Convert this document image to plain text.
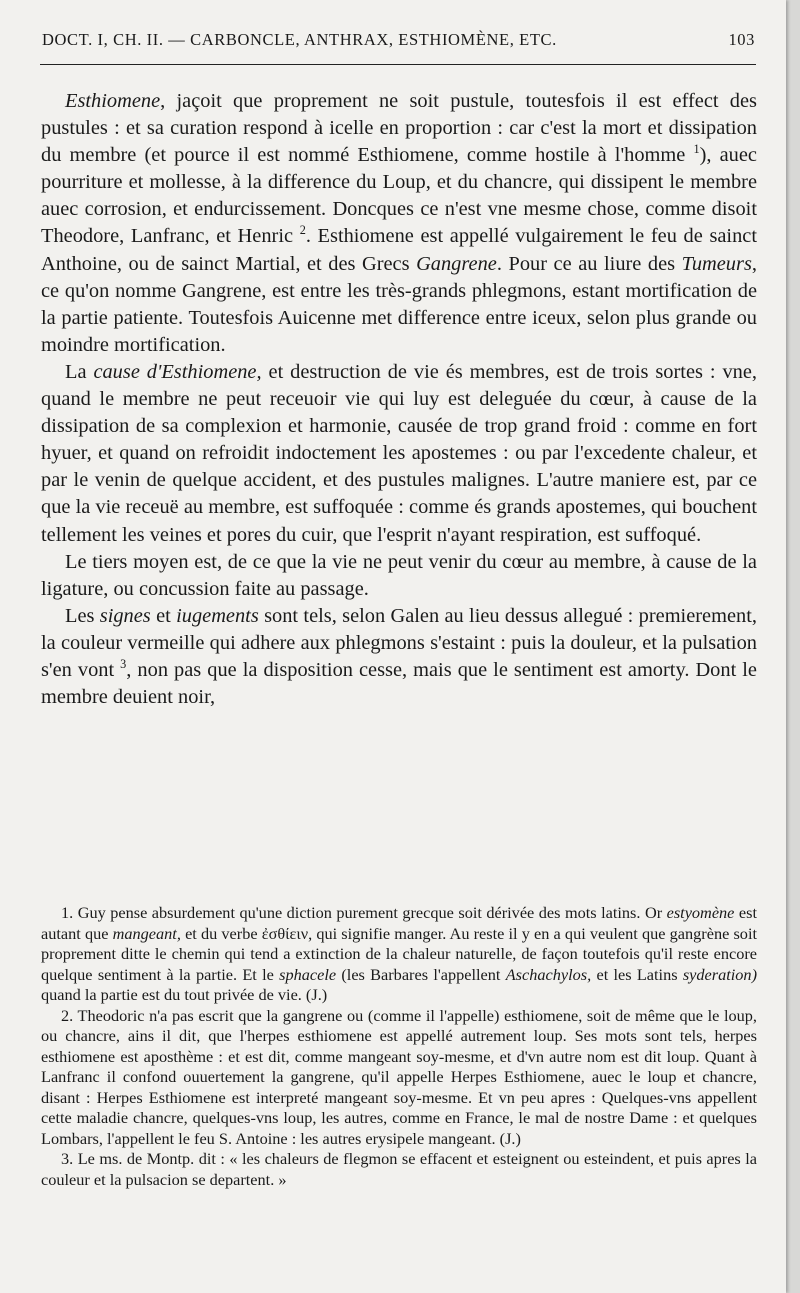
DOCT. I, CH. II. — CARBONCLE, ANTHRAX, ESTHIOMÈNE, ETC.	103

Esthiomene, jaçoit que proprement ne soit pustule, toutesfois il est effect des pustules : et sa curation respond à icelle en proportion : car c'est la mort et dissipation du membre (et pource il est nommé Esthiomene, comme hostile à l'homme $^1$), auec pourriture et mollesse, à la difference du Loup, et du chancre, qui dissipent le membre auec corrosion, et endurcissement. Doncques ce n'est vne mesme chose, comme disoit Theodore, Lanfranc, et Henric $^2$. Esthiomene est appellé vulgairement le feu de sainct Anthoine, ou de sainct Martial, et des Grecs Gangrene. Pour ce au liure des Tumeurs, ce qu'on nomme Gangrene, est entre les très-grands phlegmons, estant mortification de la partie patiente. Toutesfois Auicenne met difference entre iceux, selon plus grande ou moindre mortification.

La cause d'Esthiomene, et destruction de vie és membres, est de trois sortes : vne, quand le membre ne peut receuoir vie qui luy est deleguée du cœur, à cause de la dissipation de sa complexion et harmonie, causée de trop grand froid : comme en fort hyuer, et quand on refroidit indoctement les apostemes : ou par l'excedente chaleur, et par le venin de quelque accident, et des pustules malignes. L'autre maniere est, par ce que la vie receuë au membre, est suffoquée : comme és grands apostemes, qui bouchent tellement les veines et pores du cuir, que l'esprit n'ayant respiration, est suffoqué.

Le tiers moyen est, de ce que la vie ne peut venir du cœur au membre, à cause de la ligature, ou concussion faite au passage.

Les signes et iugements sont tels, selon Galen au lieu dessus allegué : premierement, la couleur vermeille qui adhere aux phlegmons s'estaint : puis la douleur, et la pulsation s'en vont $^3$, non pas que la disposition cesse, mais que le sentiment est amorty. Dont le membre deuient noir,

1. Guy pense absurdement qu'une diction purement grecque soit dérivée des mots latins. Or estyomène est autant que mangeant, et du verbe ἐσθίειν, qui signifie manger. Au reste il y en a qui veulent que gangrène soit proprement ditte le chemin qui tend a extinction de la chaleur naturelle, de façon toutefois qu'il reste encore quelque sentiment à la partie. Et le sphacele (les Barbares l'appellent Aschachylos, et les Latins syderation) quand la partie est du tout privée de vie. (J.)

2. Theodoric n'a pas escrit que la gangrene ou (comme il l'appelle) esthiomene, soit de même que le loup, ou chancre, ains il dit, que l'herpes esthiomene est appellé autrement loup. Ses mots sont tels, herpes esthiomene est aposthème : et est dit, comme mangeant soy-mesme, et d'vn autre nom est dit loup. Quant à Lanfranc il confond ouuertement la gangrene, qu'il appelle Herpes Esthiomene, auec le loup et chancre, disant : Herpes Esthiomene est interpreté mangeant soy-mesme. Et vn peu apres : Quelques-vns appellent cette maladie chancre, quelques-vns loup, les autres, comme en France, le mal de nostre Dame : et quelques Lombars, l'appellent le feu S. Antoine : les autres erysipele mangeant. (J.)

3. Le ms. de Montp. dit : « les chaleurs de flegmon se effacent et esteignent ou esteindent, et puis apres la couleur et la pulsacion se departent. »
